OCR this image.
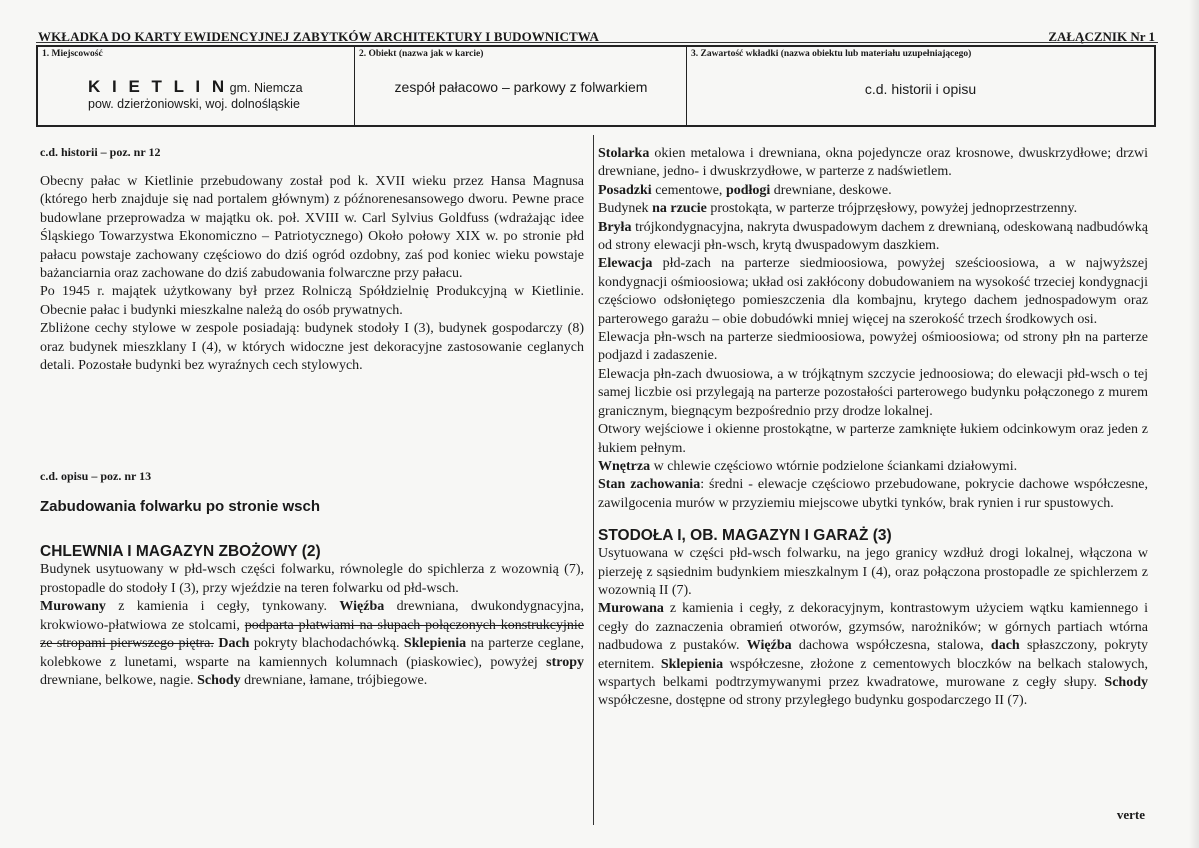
WKŁADKA DO KARTY EWIDENCYJNEJ ZABYTKÓW ARCHITEKTURY I BUDOWNICTWA	ZAŁĄCZNIK Nr 1
1. Miejscowość
K I E T L I N gm. Niemcza
pow. dzierżoniowski, woj. dolnośląskie
2. Obiekt (nazwa jak w karcie)
zespół pałacowo – parkowy z folwarkiem
3. Zawartość wkładki (nazwa obiektu lub materiału uzupełniającego)
c.d. historii i opisu

c.d. historii – poz. nr 12

Obecny pałac w Kietlinie przebudowany został pod k. XVII wieku przez Hansa Magnusa (którego herb znajduje się nad portalem głównym) z późnorenesansowego dworu. Pewne prace budowlane przeprowadza w majątku ok. poł. XVIII w. Carl Sylvius Goldfuss (wdrażając idee Śląskiego Towarzystwa Ekonomiczno – Patriotycznego) Około połowy XIX w. po stronie płd pałacu powstaje zachowany częściowo do dziś ogród ozdobny, zaś pod koniec wieku powstaje bażanciarnia oraz zachowane do dziś zabudowania folwarczne przy pałacu.

Po 1945 r. majątek użytkowany był przez Rolniczą Spółdzielnię Produkcyjną w Kietlinie. Obecnie pałac i budynki mieszkalne należą do osób prywatnych.

Zbliżone cechy stylowe w zespole posiadają: budynek stodoły I (3), budynek gospodarczy (8) oraz budynek mieszklany I (4), w których widoczne jest dekoracyjne zastosowanie ceglanych detali. Pozostałe budynki bez wyraźnych cech stylowych.

c.d. opisu – poz. nr 13

Zabudowania folwarku po stronie wsch

CHLEWNIA I MAGAZYN ZBOŻOWY (2)

Budynek usytuowany w płd-wsch części folwarku, równolegle do spichlerza z wozownią (7), prostopadle do stodoły I (3), przy wjeździe na teren folwarku od płd-wsch.

Murowany z kamienia i cegły, tynkowany. Więźba drewniana, dwukondygnacyjna, krokwiowo-płatwiowa ze stolcami, podparta płatwiami na słupach połączonych konstrukcyjnie ze stropami pierwszego piętra. Dach pokryty blachodachówką. Sklepienia na parterze ceglane, kolebkowe z lunetami, wsparte na kamiennych kolumnach (piaskowiec), powyżej stropy drewniane, belkowe, nagie. Schody drewniane, łamane, trójbiegowe.

Stolarka okien metalowa i drewniana, okna pojedyncze oraz krosnowe, dwuskrzydłowe; drzwi drewniane, jedno- i dwuskrzydłowe, w parterze z nadświetlem.

Posadzki cementowe, podłogi drewniane, deskowe.

Budynek na rzucie prostokąta, w parterze trójprzęsłowy, powyżej jednoprzestrzenny.

Bryła trójkondygnacyjna, nakryta dwuspadowym dachem z drewnianą, odeskowaną nadbudówką od strony elewacji płn-wsch, krytą dwuspadowym daszkiem.

Elewacja płd-zach na parterze siedmioosiowa, powyżej sześcioosiowa, a w najwyższej kondygnacji ośmioosiowa; układ osi zakłócony dobudowaniem na wysokość trzeciej kondygnacji częściowo odsłoniętego pomieszczenia dla kombajnu, krytego dachem jednospadowym oraz parterowego garażu – obie dobudówki mniej więcej na szerokość trzech środkowych osi.

Elewacja płn-wsch na parterze siedmioosiowa, powyżej ośmioosiowa; od strony płn na parterze podjazd i zadaszenie.

Elewacja płn-zach dwuosiowa, a w trójkątnym szczycie jednoosiowa; do elewacji płd-wsch o tej samej liczbie osi przylegają na parterze pozostałości parterowego budynku połączonego z murem granicznym, biegnącym bezpośrednio przy drodze lokalnej.

Otwory wejściowe i okienne prostokątne, w parterze zamknięte łukiem odcinkowym oraz jeden z łukiem pełnym.

Wnętrza w chlewie częściowo wtórnie podzielone ściankami działowymi.

Stan zachowania: średni - elewacje częściowo przebudowane, pokrycie dachowe współczesne, zawilgocenia murów w przyziemiu miejscowe ubytki tynków, brak rynien i rur spustowych.

STODOŁA I, OB. MAGAZYN I GARAŻ (3)

Usytuowana w części płd-wsch folwarku, na jego granicy wzdłuż drogi lokalnej, włączona w pierzeję z sąsiednim budynkiem mieszkalnym I (4), oraz połączona prostopadle ze spichlerzem z wozownią II (7).

Murowana z kamienia i cegły, z dekoracyjnym, kontrastowym użyciem wątku kamiennego i cegły do zaznaczenia obramień otworów, gzymsów, narożników; w górnych partiach wtórna nadbudowa z pustaków. Więźba dachowa współczesna, stalowa, dach spłaszczony, pokryty eternitem. Sklepienia współczesne, złożone z cementowych bloczków na belkach stalowych, wspartych belkami podtrzymywanymi przez kwadratowe, murowane z cegły słupy. Schody współczesne, dostępne od strony przyległego budynku gospodarczego II (7).

verte
